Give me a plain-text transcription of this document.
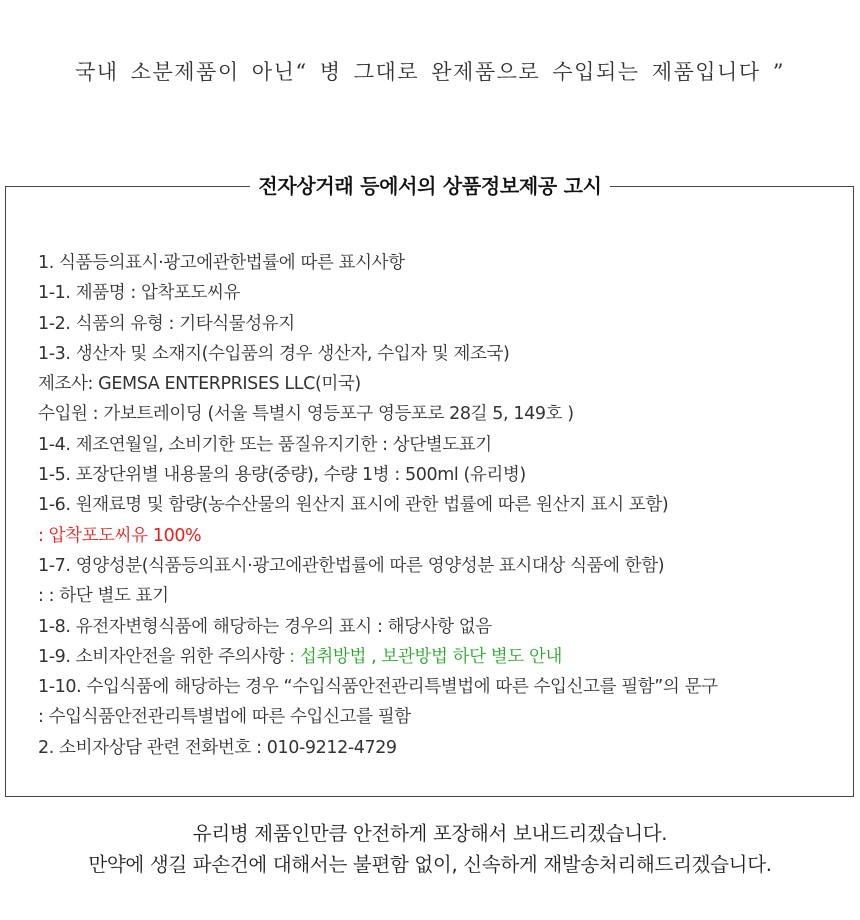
국내 소분제품이 아닌“ 병 그대로 완제품으로 수입되는 제품입니다 ”
전자상거래 등에서의 상품정보제공 고시
1. 식품등의표시·광고에관한법률에 따른 표시사항
1-1. 제품명 : 압착포도씨유
1-2. 식품의 유형 : 기타식물성유지
1-3. 생산자 및 소재지(수입품의 경우 생산자, 수입자 및 제조국)
제조사: GEMSA ENTERPRISES LLC(미국)
수입원 : 가보트레이딩 (서울 특별시 영등포구 영등포로 28길 5, 149호 )
1-4. 제조연월일, 소비기한 또는 품질유지기한 : 상단별도표기
1-5. 포장단위별 내용물의 용량(중량), 수량 1병 : 500ml (유리병)
1-6. 원재료명 및 함량(농수산물의 원산지 표시에 관한 법률에 따른 원산지 표시 포함)
: 압착포도씨유 100%
1-7. 영양성분(식품등의표시·광고에관한법률에 따른 영양성분 표시대상 식품에 한함)
: : 하단 별도 표기
1-8. 유전자변형식품에 해당하는 경우의 표시 : 해당사항 없음
1-9. 소비자안전을 위한 주의사항 : 섭취방법 , 보관방법 하단 별도 안내
1-10. 수입식품에 해당하는 경우 “수입식품안전관리특별법에 따른 수입신고를 필함”의 문구
: 수입식품안전관리특별법에 따른 수입신고를 필함
2. 소비자상담 관련 전화번호 : 010-9212-4729
유리병 제품인만큼 안전하게 포장해서 보내드리겠습니다.
만약에 생길 파손건에 대해서는 불편함 없이, 신속하게 재발송처리해드리겠습니다.
